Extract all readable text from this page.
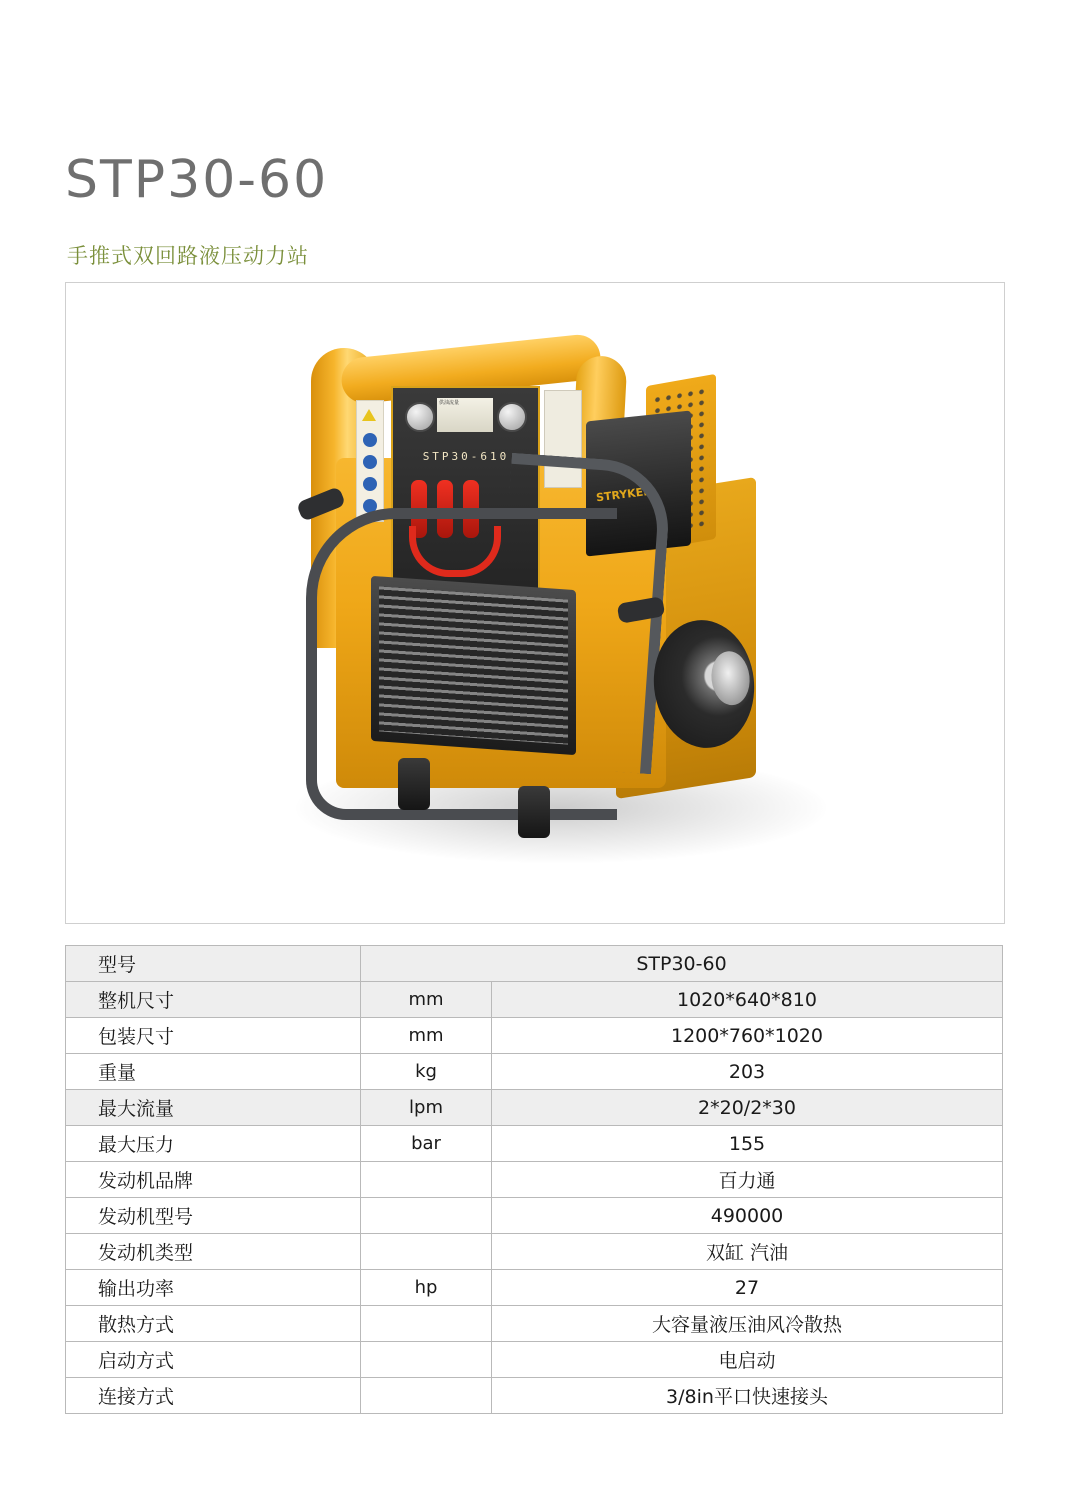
STP30-60
手推式双回路液压动力站
STRYKER
供油流量
STP30-610
型号	STP30-60	
整机尺寸	mm	1020*640*810
包装尺寸	mm	1200*760*1020
重量	kg	203
最大流量	lpm	2*20/2*30
最大压力	bar	155
发动机品牌		百力通
发动机型号		490000
发动机类型		双缸 汽油
输出功率	hp	27
散热方式		大容量液压油风冷散热
启动方式		电启动
连接方式		3/8in平口快速接头
